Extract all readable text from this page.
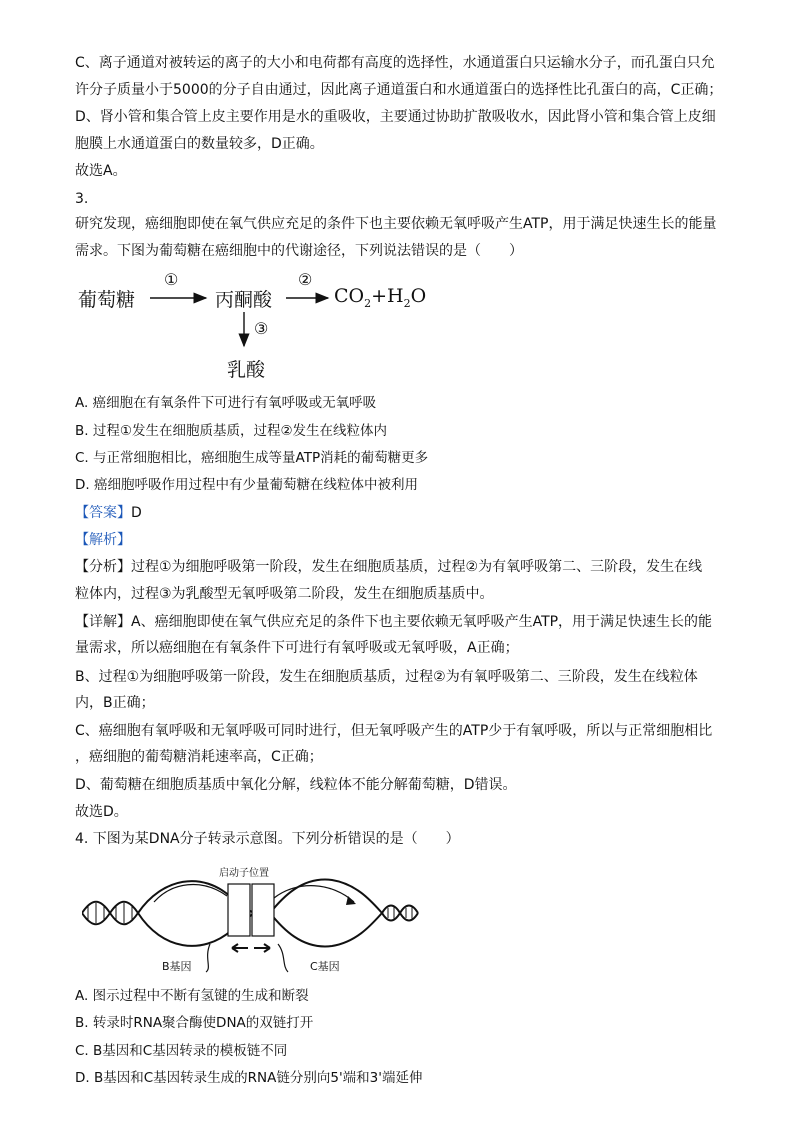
C、离子通道对被转运的离子的大小和电荷都有高度的选择性，水通道蛋白只运输水分子，而孔蛋白只允
许分子质量小于5000的分子自由通过，因此离子通道蛋白和水通道蛋白的选择性比孔蛋白的高，C正确；
D、肾小管和集合管上皮主要作用是水的重吸收，主要通过协助扩散吸收水，因此肾小管和集合管上皮细
胞膜上水通道蛋白的数量较多，D正确。
故选A。
3.
研究发现，癌细胞即使在氧气供应充足的条件下也主要依赖无氧呼吸产生ATP，用于满足快速生长的能量
需求。下图为葡萄糖在癌细胞中的代谢途径，下列说法错误的是（　　）
葡萄糖
①
丙酮酸
②
$CO_2+H_2O$
③
乳酸
A. 癌细胞在有氧条件下可进行有氧呼吸或无氧呼吸
B. 过程①发生在细胞质基质，过程②发生在线粒体内
C. 与正常细胞相比，癌细胞生成等量ATP消耗的葡萄糖更多
D. 癌细胞呼吸作用过程中有少量葡萄糖在线粒体中被利用
【答案】D
【解析】
【分析】过程①为细胞呼吸第一阶段，发生在细胞质基质，过程②为有氧呼吸第二、三阶段，发生在线
粒体内，过程③为乳酸型无氧呼吸第二阶段，发生在细胞质基质中。
【详解】A、癌细胞即使在氧气供应充足的条件下也主要依赖无氧呼吸产生ATP，用于满足快速生长的能
量需求，所以癌细胞在有氧条件下可进行有氧呼吸或无氧呼吸，A正确；
B、过程①为细胞呼吸第一阶段，发生在细胞质基质，过程②为有氧呼吸第二、三阶段，发生在线粒体
内，B正确；
C、癌细胞有氧呼吸和无氧呼吸可同时进行，但无氧呼吸产生的ATP少于有氧呼吸，所以与正常细胞相比
，癌细胞的葡萄糖消耗速率高，C正确；
D、葡萄糖在细胞质基质中氧化分解，线粒体不能分解葡萄糖，D错误。
故选D。
4. 下图为某DNA分子转录示意图。下列分析错误的是（　　）
启动子位置
B基因	C基因
A. 图示过程中不断有氢键的生成和断裂
B. 转录时RNA聚合酶使DNA的双链打开
C. B基因和C基因转录的模板链不同
D. B基因和C基因转录生成的RNA链分别向5'端和3'端延伸
